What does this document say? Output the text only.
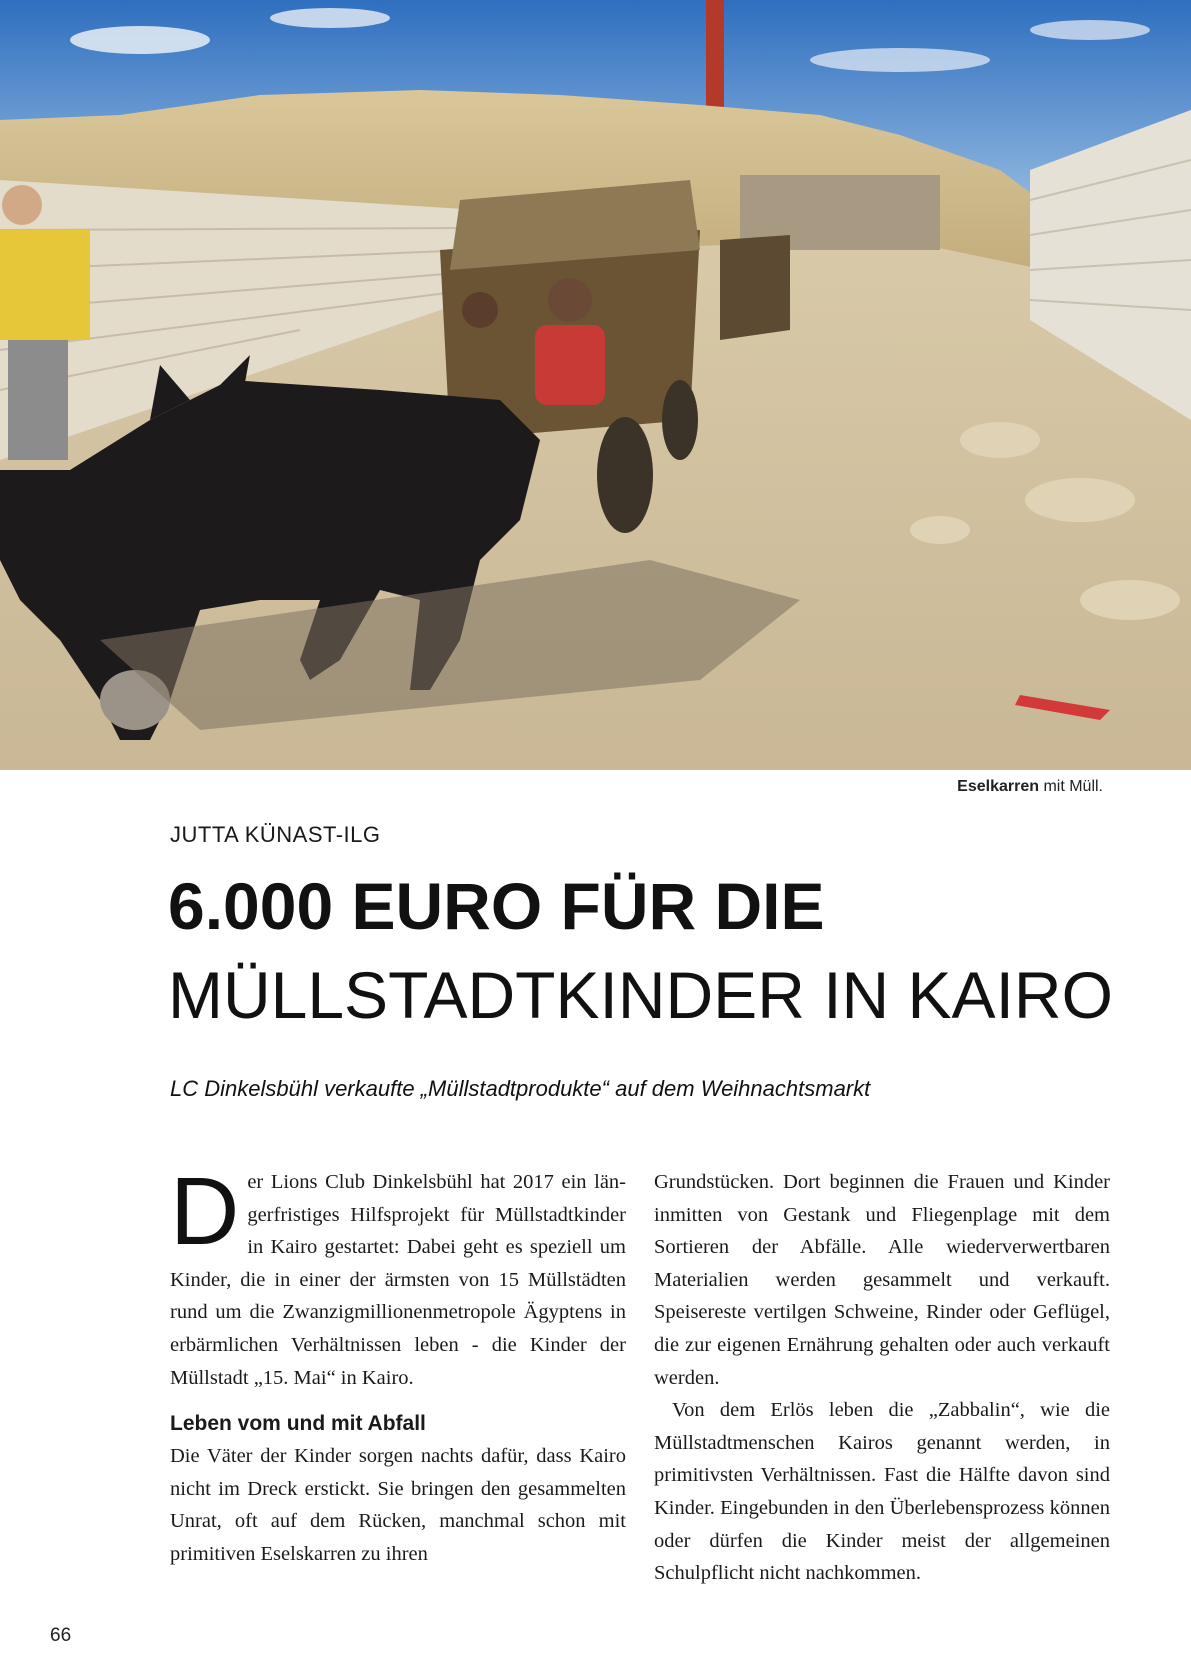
Eselkarren mit Müll.
JUTTA KÜNAST-ILG
6.000 EURO FÜR DIE
MÜLLSTADTKINDER IN KAIRO
LC Dinkelsbühl verkaufte „Müllstadtprodukte“ auf dem Weihnachtsmarkt

Der Lions Club Dinkelsbühl hat 2017 ein längerfristiges Hilfsprojekt für Müllstadtkinder in Kairo gestartet: Dabei geht es speziell um Kinder, die in einer der ärmsten von 15 Müllstädten rund um die Zwanzigmillionenmetropole Ägyptens in erbärmlichen Verhältnissen leben - die Kinder der Müllstadt „15. Mai“ in Kairo.

Leben vom und mit Abfall

Die Väter der Kinder sorgen nachts dafür, dass Kairo nicht im Dreck erstickt. Sie bringen den gesammelten Unrat, oft auf dem Rücken, manchmal schon mit primitiven Eselskarren zu ihren

Grundstücken. Dort beginnen die Frauen und Kinder inmitten von Gestank und Fliegenplage mit dem Sortieren der Abfälle. Alle wiederverwertbaren Materialien werden gesammelt und verkauft. Speisereste vertilgen Schweine, Rinder oder Geflügel, die zur eigenen Ernährung gehalten oder auch verkauft werden.

Von dem Erlös leben die „Zabbalin“, wie die Müllstadtmenschen Kairos genannt werden, in primitivsten Verhältnissen. Fast die Hälfte davon sind Kinder. Eingebunden in den Überlebensprozess können oder dürfen die Kinder meist der allgemeinen Schulpflicht nicht nachkommen.

66
